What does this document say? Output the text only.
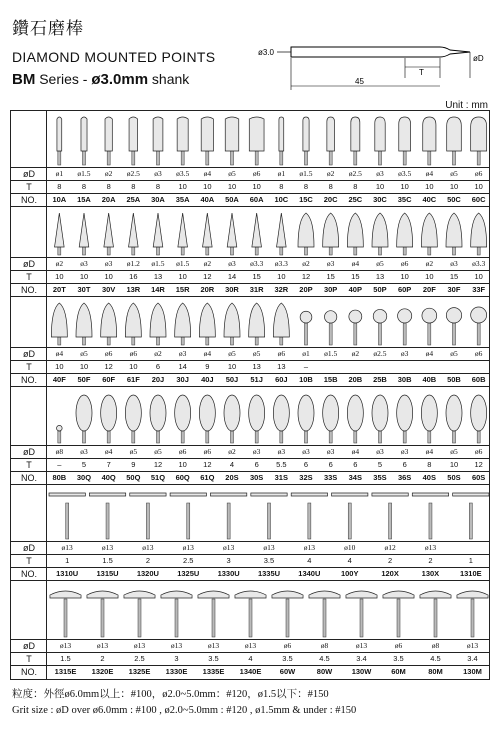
鑽石磨棒
DIAMOND MOUNTED POINTS
BM Series - ø3.0mm shank
ø3.0
T
øD
45
Unit : mm
øD	ø1	ø1.5	ø2	ø2.5	ø3	ø3.5	ø4	ø5	ø6	ø1	ø1.5	ø2	ø2.5	ø3	ø3.5	ø4	ø5	ø6
T	8	8	8	8	8	10	10	10	10	8	8	8	8	10	10	10	10	10
NO.	10A	15A	20A	25A	30A	35A	40A	50A	60A	10C	15C	20C	25C	30C	35C	40C	50C	60C
øD	ø2	ø3	ø3	ø1.2	ø1.5	ø1.5	ø2	ø3	ø3.3	ø3.3	ø2	ø3	ø4	ø5	ø6	ø2	ø3	ø3.3
T	10	10	10	16	13	10	12	14	15	10	12	15	15	13	10	10	15	10
NO.	20T	30T	30V	13R	14R	15R	20R	30R	31R	32R	20P	30P	40P	50P	60P	20F	30F	33F
øD	ø4	ø5	ø6	ø6	ø2	ø3	ø4	ø5	ø5	ø6	ø1	ø1.5	ø2	ø2.5	ø3	ø4	ø5	ø6
T	10	10	12	10	6	14	9	10	13	13	–
NO.	40F	50F	60F	61F	20J	30J	40J	50J	51J	60J	10B	15B	20B	25B	30B	40B	50B	60B
øD	ø8	ø3	ø4	ø5	ø5	ø6	ø6	ø2	ø3	ø3	ø3	ø3	ø4	ø3	ø3	ø4	ø5	ø6
T	–	5	7	9	12	10	12	4	6	5.5	6	6	6	5	6	8	10	12
NO.	80B	30Q	40Q	50Q	51Q	60Q	61Q	20S	30S	31S	32S	33S	34S	35S	36S	40S	50S	60S
øD	ø13	ø13	ø13	ø13	ø13	ø13	ø13	ø10	ø12	ø13
T	1	1.5	2	2.5	3	3.5	4	4	2	2	1
NO.	1310U	1315U	1320U	1325U	1330U	1335U	1340U	100Y	120X	130X	1310E
øD	ø13	ø13	ø13	ø13	ø13	ø13	ø6	ø8	ø13	ø6	ø8	ø13
T	1.5	2	2.5	3	3.5	4	3.5	4.5	3.4	3.5	4.5	3.4
NO.	1315E	1320E	1325E	1330E	1335E	1340E	60W	80W	130W	60M	80M	130M
粒度：外徑ø6.0mm以上：#100，ø2.0~5.0mm：#120，ø1.5以下：#150
Grit size : øD over ø6.0mm : #100 , ø2.0~5.0mm : #120 , ø1.5mm & under : #150
